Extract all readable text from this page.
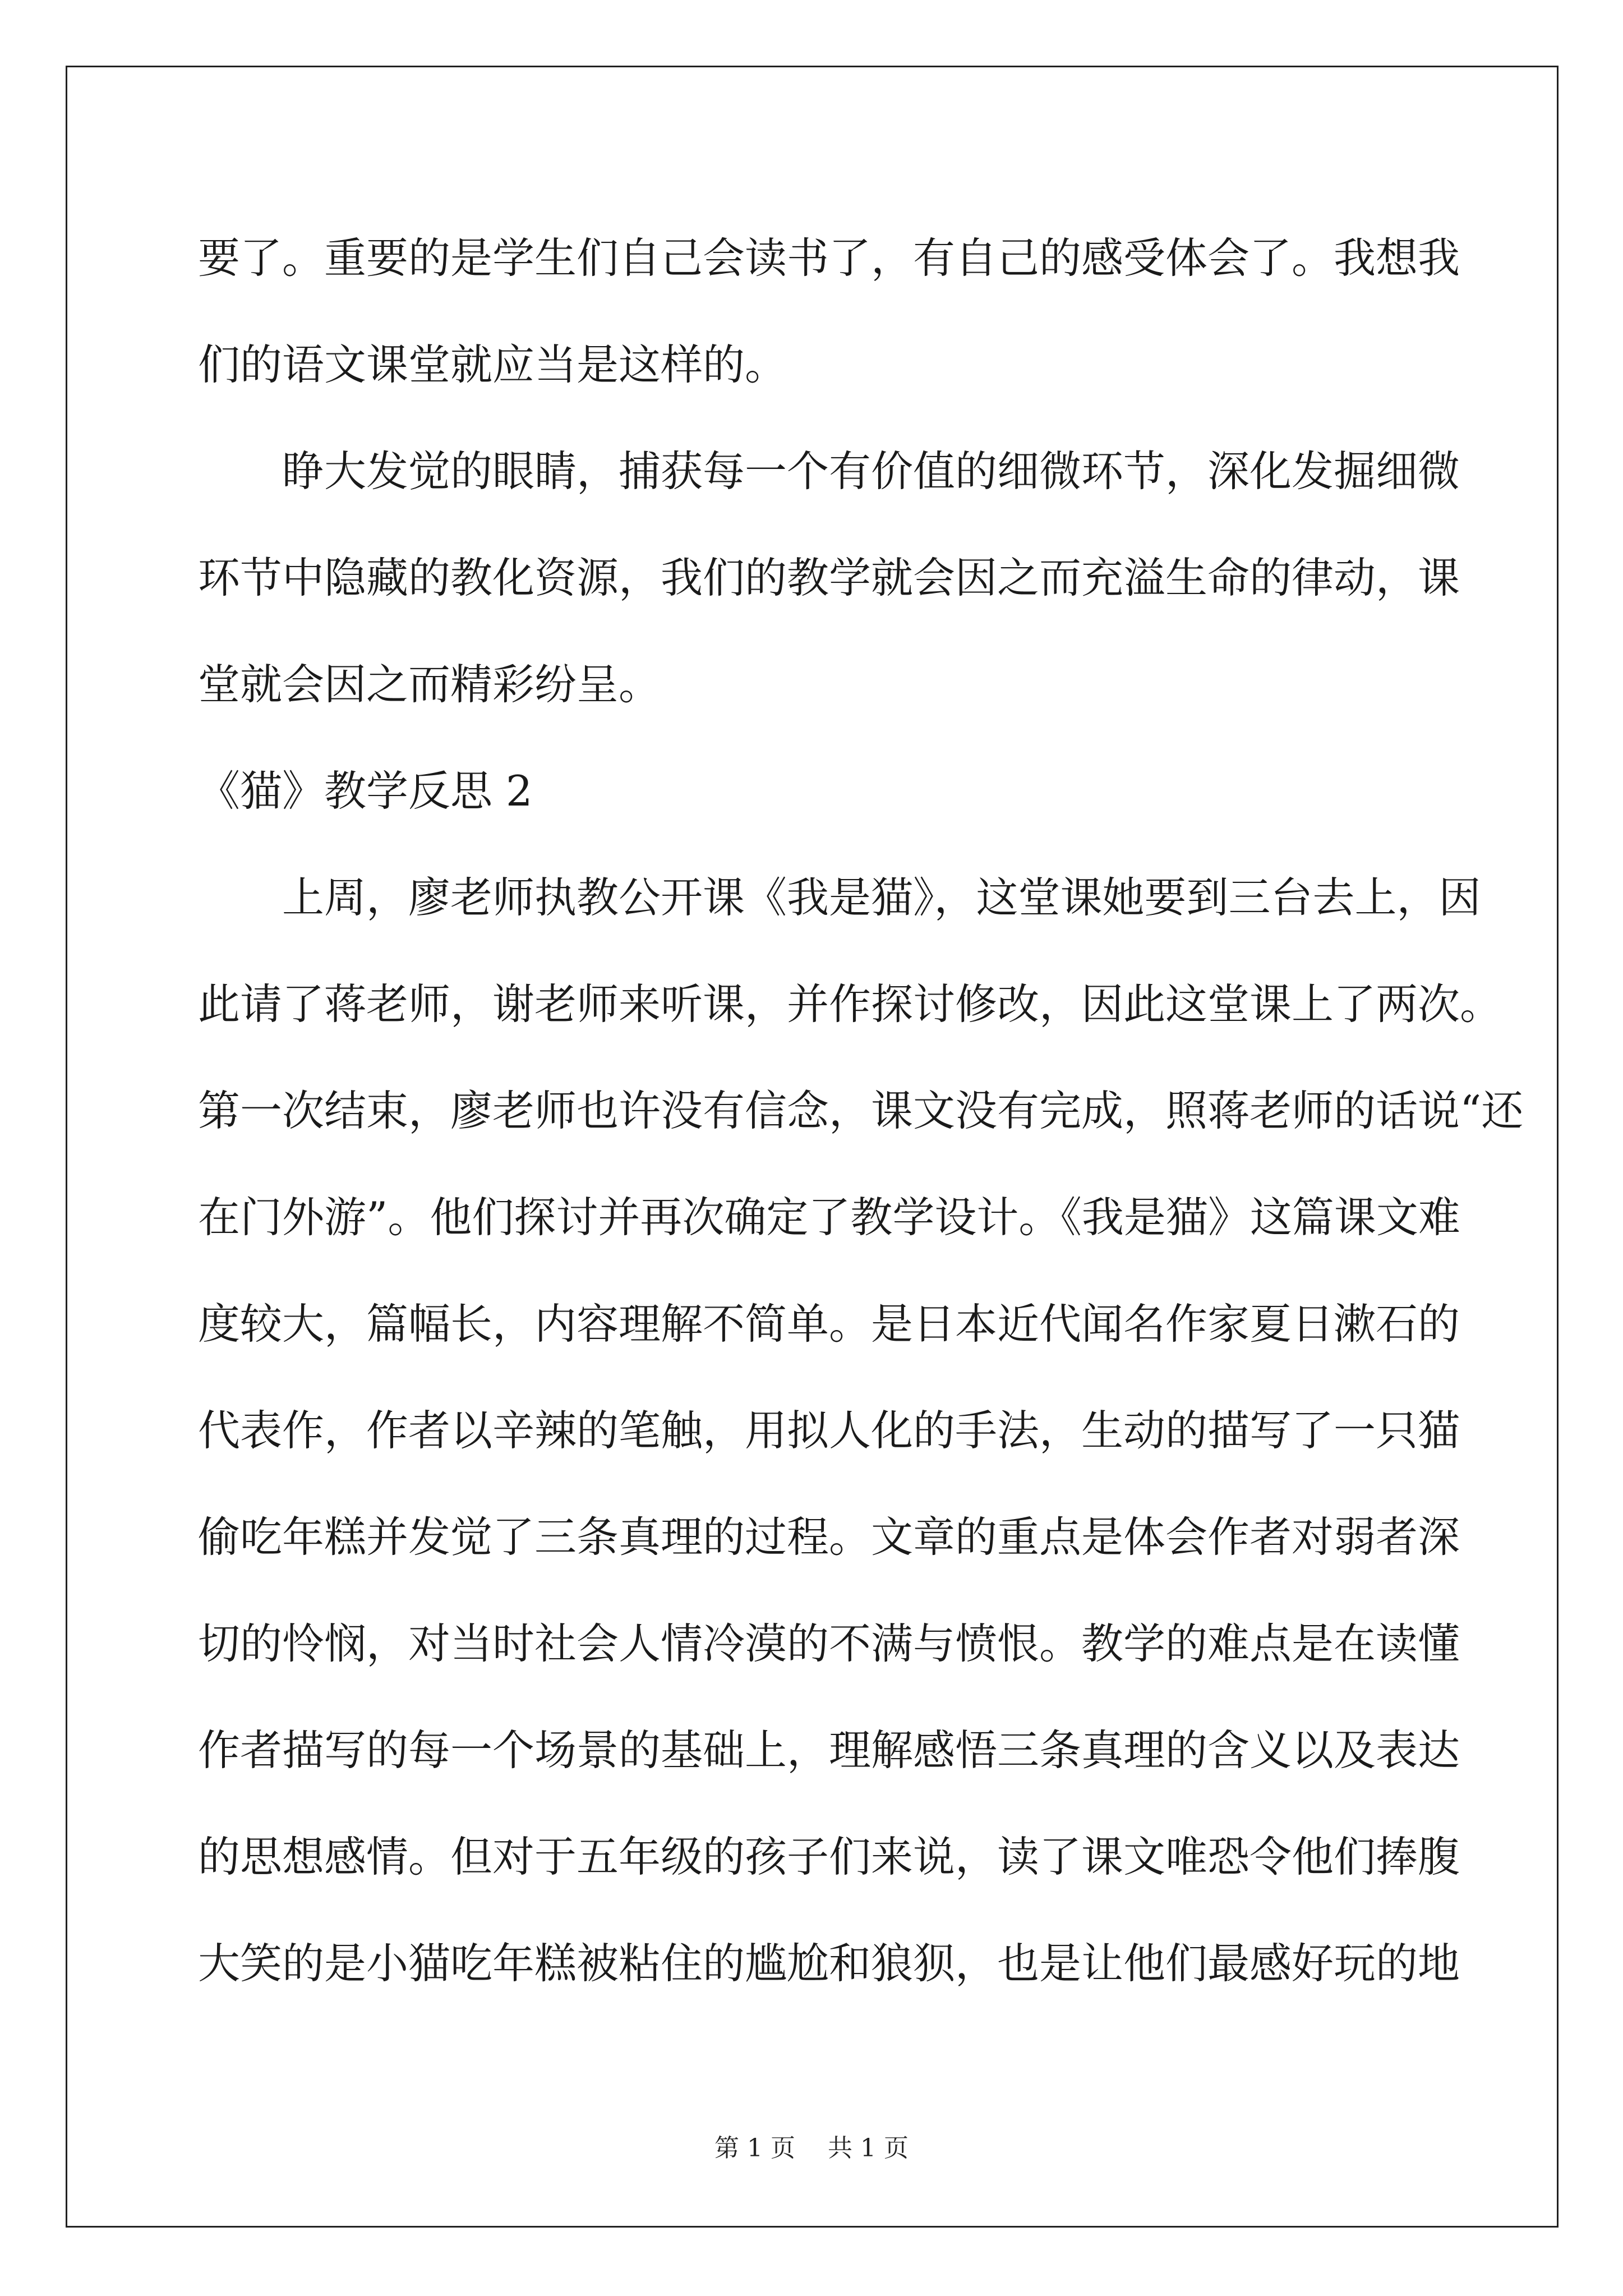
要了。重要的是学生们自己会读书了，有自己的感受体会了。我想我
们的语文课堂就应当是这样的。
睁大发觉的眼睛，捕获每一个有价值的细微环节，深化发掘细微
环节中隐藏的教化资源，我们的教学就会因之而充溢生命的律动，课
堂就会因之而精彩纷呈。
《猫》教学反思 2
上周，廖老师执教公开课《我是猫》，这堂课她要到三台去上，因
此请了蒋老师，谢老师来听课，并作探讨修改，因此这堂课上了两次。
第一次结束，廖老师也许没有信念，课文没有完成，照蒋老师的话说“还
在门外游”。他们探讨并再次确定了教学设计。《我是猫》这篇课文难
度较大，篇幅长，内容理解不简单。是日本近代闻名作家夏日漱石的
代表作，作者以辛辣的笔触，用拟人化的手法，生动的描写了一只猫
偷吃年糕并发觉了三条真理的过程。文章的重点是体会作者对弱者深
切的怜悯，对当时社会人情冷漠的不满与愤恨。教学的难点是在读懂
作者描写的每一个场景的基础上，理解感悟三条真理的含义以及表达
的思想感情。但对于五年级的孩子们来说，读了课文唯恐令他们捧腹
大笑的是小猫吃年糕被粘住的尴尬和狼狈，也是让他们最感好玩的地
第 1 页 共 1 页
